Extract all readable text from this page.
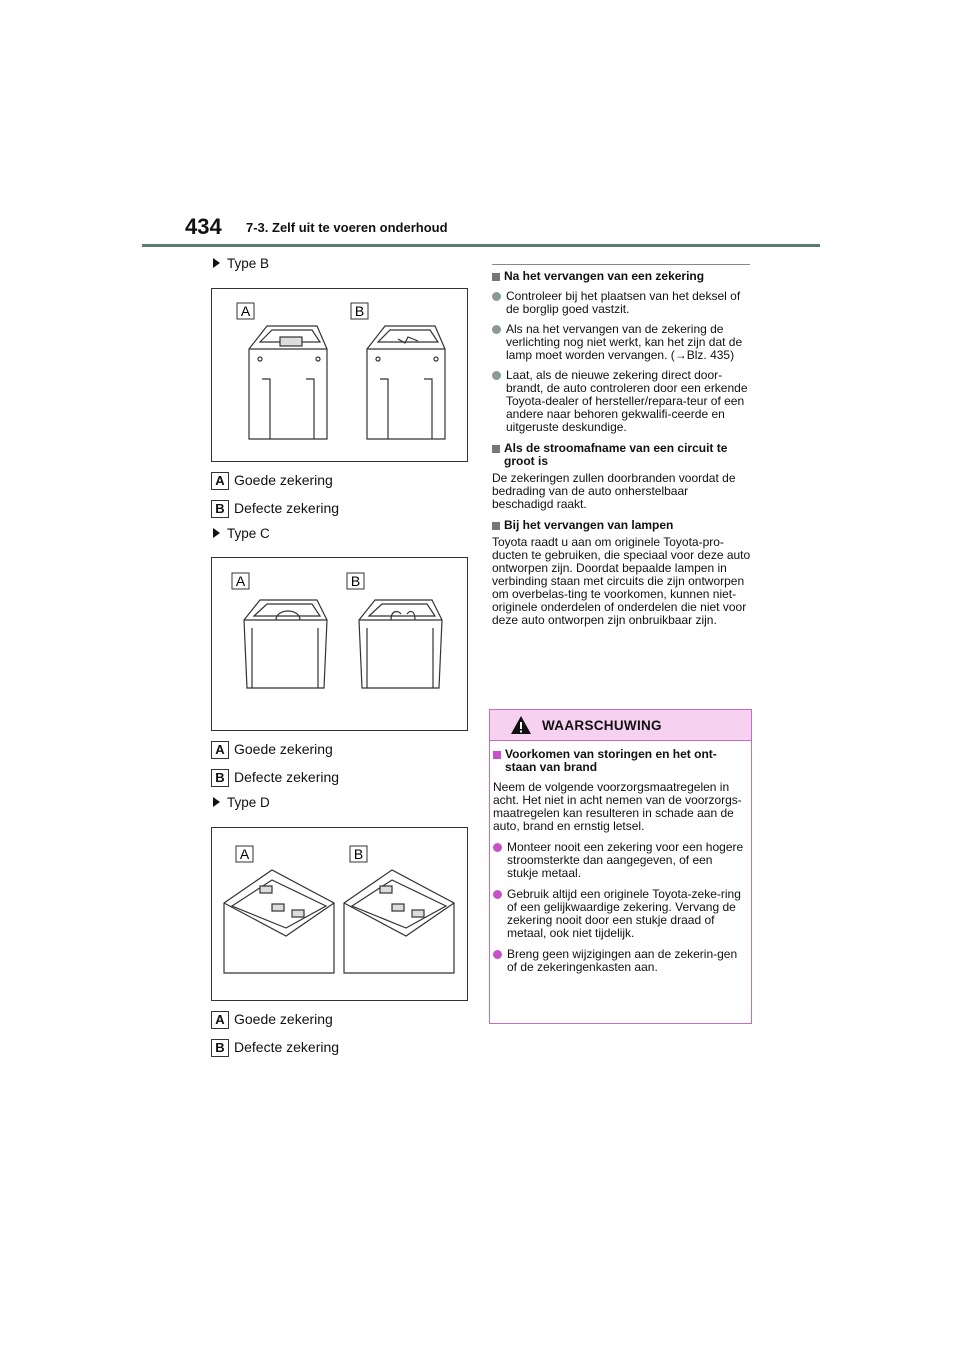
434 7-3. Zelf uit te voeren onderhoud
Type B
A	B
A Goede zekering
B Defecte zekering
Type C
A	B
A Goede zekering
B Defecte zekering
Type D
A	B
A Goede zekering
B Defecte zekering

Na het vervangen van een zekering

Controleer bij het plaatsen van het deksel of de borglip goed vastzit.

Als na het vervangen van de zekering de verlichting nog niet werkt, kan het zijn dat de lamp moet worden vervangen. (→Blz. 435)

Laat, als de nieuwe zekering direct door-brandt, de auto controleren door een erkende Toyota-dealer of hersteller/repara-teur of een andere naar behoren gekwalifi-ceerde en uitgeruste deskundige.

Als de stroomafname van een circuit te groot is

De zekeringen zullen doorbranden voordat de bedrading van de auto onherstelbaar beschadigd raakt.

Bij het vervangen van lampen

Toyota raadt u aan om originele Toyota-pro-ducten te gebruiken, die speciaal voor deze auto ontworpen zijn. Doordat bepaalde lampen in verbinding staan met circuits die zijn ontworpen om overbelas-ting te voorkomen, kunnen niet-originele onderdelen of onderdelen die niet voor deze auto ontworpen zijn onbruikbaar zijn.

WAARSCHUWING

Voorkomen van storingen en het ont-staan van brand

Neem de volgende voorzorgsmaatregelen in acht. Het niet in acht nemen van de voorzorgs-maatregelen kan resulteren in schade aan de auto, brand en ernstig letsel.

Monteer nooit een zekering voor een hogere stroomsterkte dan aangegeven, of een stukje metaal.

Gebruik altijd een originele Toyota-zeke-ring of een gelijkwaardige zekering. Vervang de zekering nooit door een stukje draad of metaal, ook niet tijdelijk.

Breng geen wijzigingen aan de zekerin-gen of de zekeringenkasten aan.
